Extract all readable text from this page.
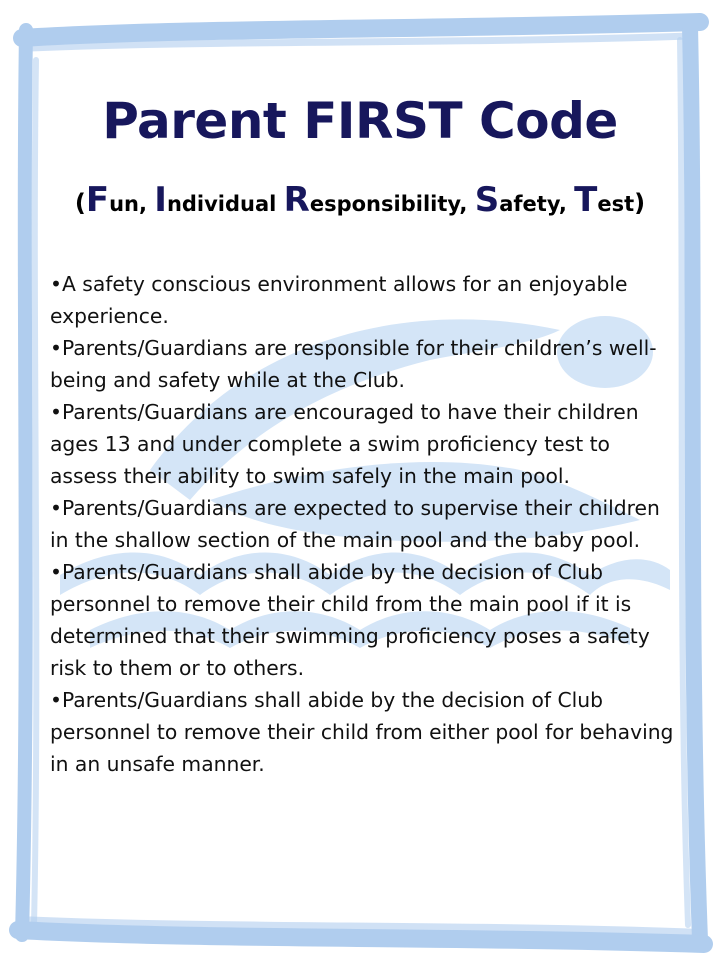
Parent FIRST Code
(Fun, Individual Responsibility, Safety, Test)
•A safety conscious environment allows for an enjoyable experience.
•Parents/Guardians are responsible for their children’s well-being and safety while at the Club.
•Parents/Guardians are encouraged to have their children ages 13 and under complete a swim proficiency test to assess their ability to swim safely in the main pool.
•Parents/Guardians are expected to supervise their children in the shallow section of the main pool and the baby pool.
•Parents/Guardians shall abide by the decision of Club personnel to remove their child from the main pool if it is determined that their swimming proficiency poses a safety risk to them or to others.
•Parents/Guardians shall abide by the decision of Club personnel to remove their child from either pool for behaving in an unsafe manner.
